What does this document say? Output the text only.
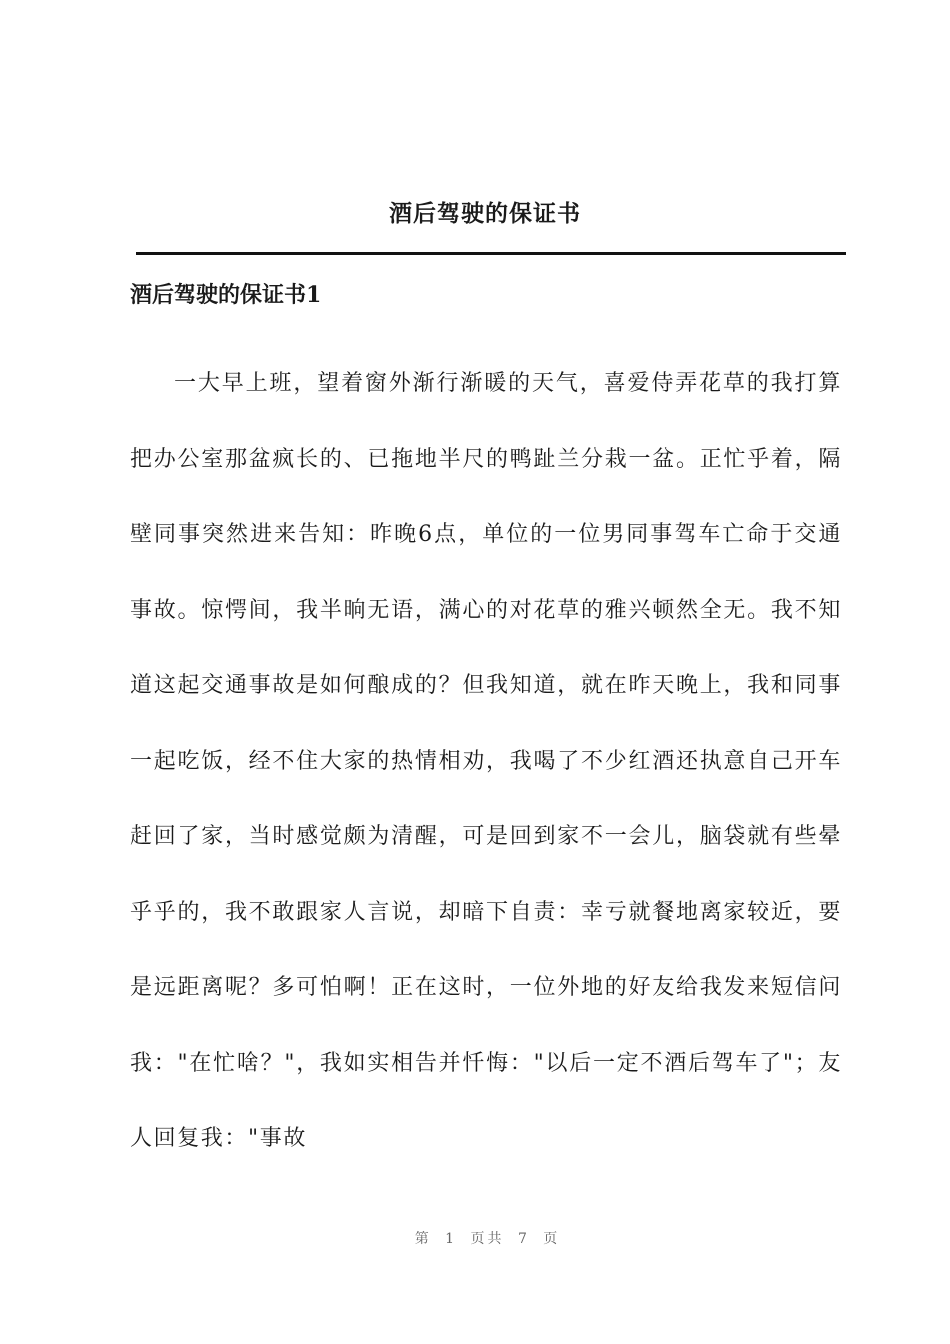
酒后驾驶的保证书
酒后驾驶的保证书1

一大早上班，望着窗外渐行渐暖的天气，喜爱侍弄花草的我打算把办公室那盆疯长的、已拖地半尺的鸭趾兰分栽一盆。正忙乎着，隔壁同事突然进来告知：昨晚6点，单位的一位男同事驾车亡命于交通事故。惊愕间，我半晌无语，满心的对花草的雅兴顿然全无。我不知道这起交通事故是如何酿成的？但我知道，就在昨天晚上，我和同事一起吃饭，经不住大家的热情相劝，我喝了不少红酒还执意自己开车赶回了家，当时感觉颇为清醒，可是回到家不一会儿，脑袋就有些晕乎乎的，我不敢跟家人言说，却暗下自责：幸亏就餐地离家较近，要是远距离呢？多可怕啊！正在这时，一位外地的好友给我发来短信问我："在忙啥？"，我如实相告并忏悔："以后一定不酒后驾车了"；友人回复我："事故

第 1 页共 7 页
